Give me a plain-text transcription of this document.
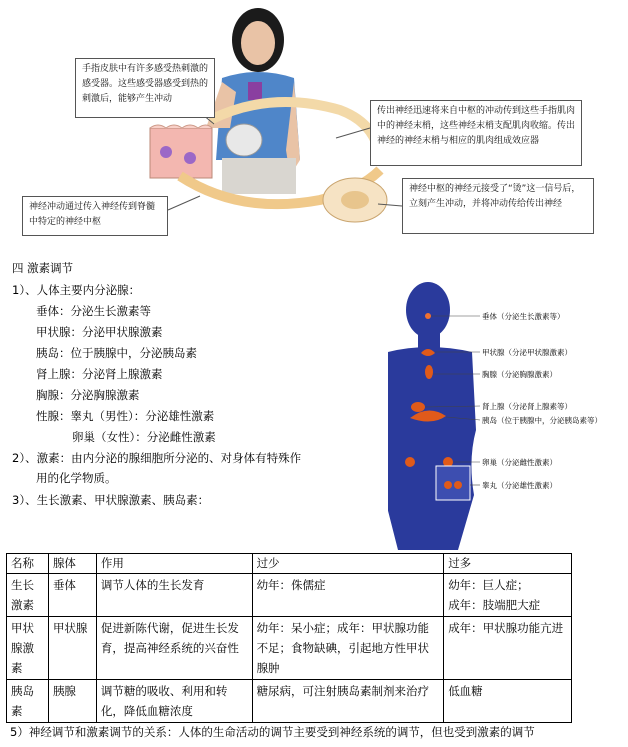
手指皮肤中有许多感受热刺激的感受器。这些感受器感受到热的刺激后，能够产生冲动
传出神经迅速将来自中枢的冲动传到这些手指肌肉中的神经末梢，这些神经末梢支配肌肉收缩。传出神经的神经末梢与相应的肌肉组成效应器
神经冲动通过传入神经传到脊髓中特定的神经中枢
神经中枢的神经元接受了“烫”这一信号后，立刻产生冲动，并将冲动传给传出神经
四 激素调节
1）、人体主要内分泌腺：
垂体：分泌生长激素等
甲状腺：分泌甲状腺激素
胰岛：位于胰腺中，分泌胰岛素
肾上腺：分泌肾上腺激素
胸腺：分泌胸腺激素
性腺：睾丸（男性）：分泌雄性激素
卵巢（女性）：分泌雌性激素
2）、激素：由内分泌的腺细胞所分泌的、对身体有特殊作
用的化学物质。
3）、生长激素、甲状腺激素、胰岛素：
垂体（分泌生长激素等）
甲状腺（分泌甲状腺激素）
胸腺（分泌胸腺激素）
肾上腺（分泌肾上腺素等）
胰岛（位于胰腺中，分泌胰岛素等）
卵巢（分泌雌性激素）
睾丸（分泌雄性激素）
名称	腺体	作用	过少	过多
生长激素	垂体	调节人体的生长发育	幼年：侏儒症	幼年：巨人症；
成年：肢端肥大症
甲状腺激素	甲状腺	促进新陈代谢，促进生长发育，提高神经系统的兴奋性	幼年：呆小症；成年：甲状腺功能不足；食物缺碘，引起地方性甲状腺肿	成年：甲状腺功能亢进
胰岛素	胰腺	调节糖的吸收、利用和转化，降低血糖浓度	糖尿病，可注射胰岛素制剂来治疗	低血糖
5）神经调节和激素调节的关系：人体的生命活动的调节主要受到神经系统的调节，但也受到激素的调节
